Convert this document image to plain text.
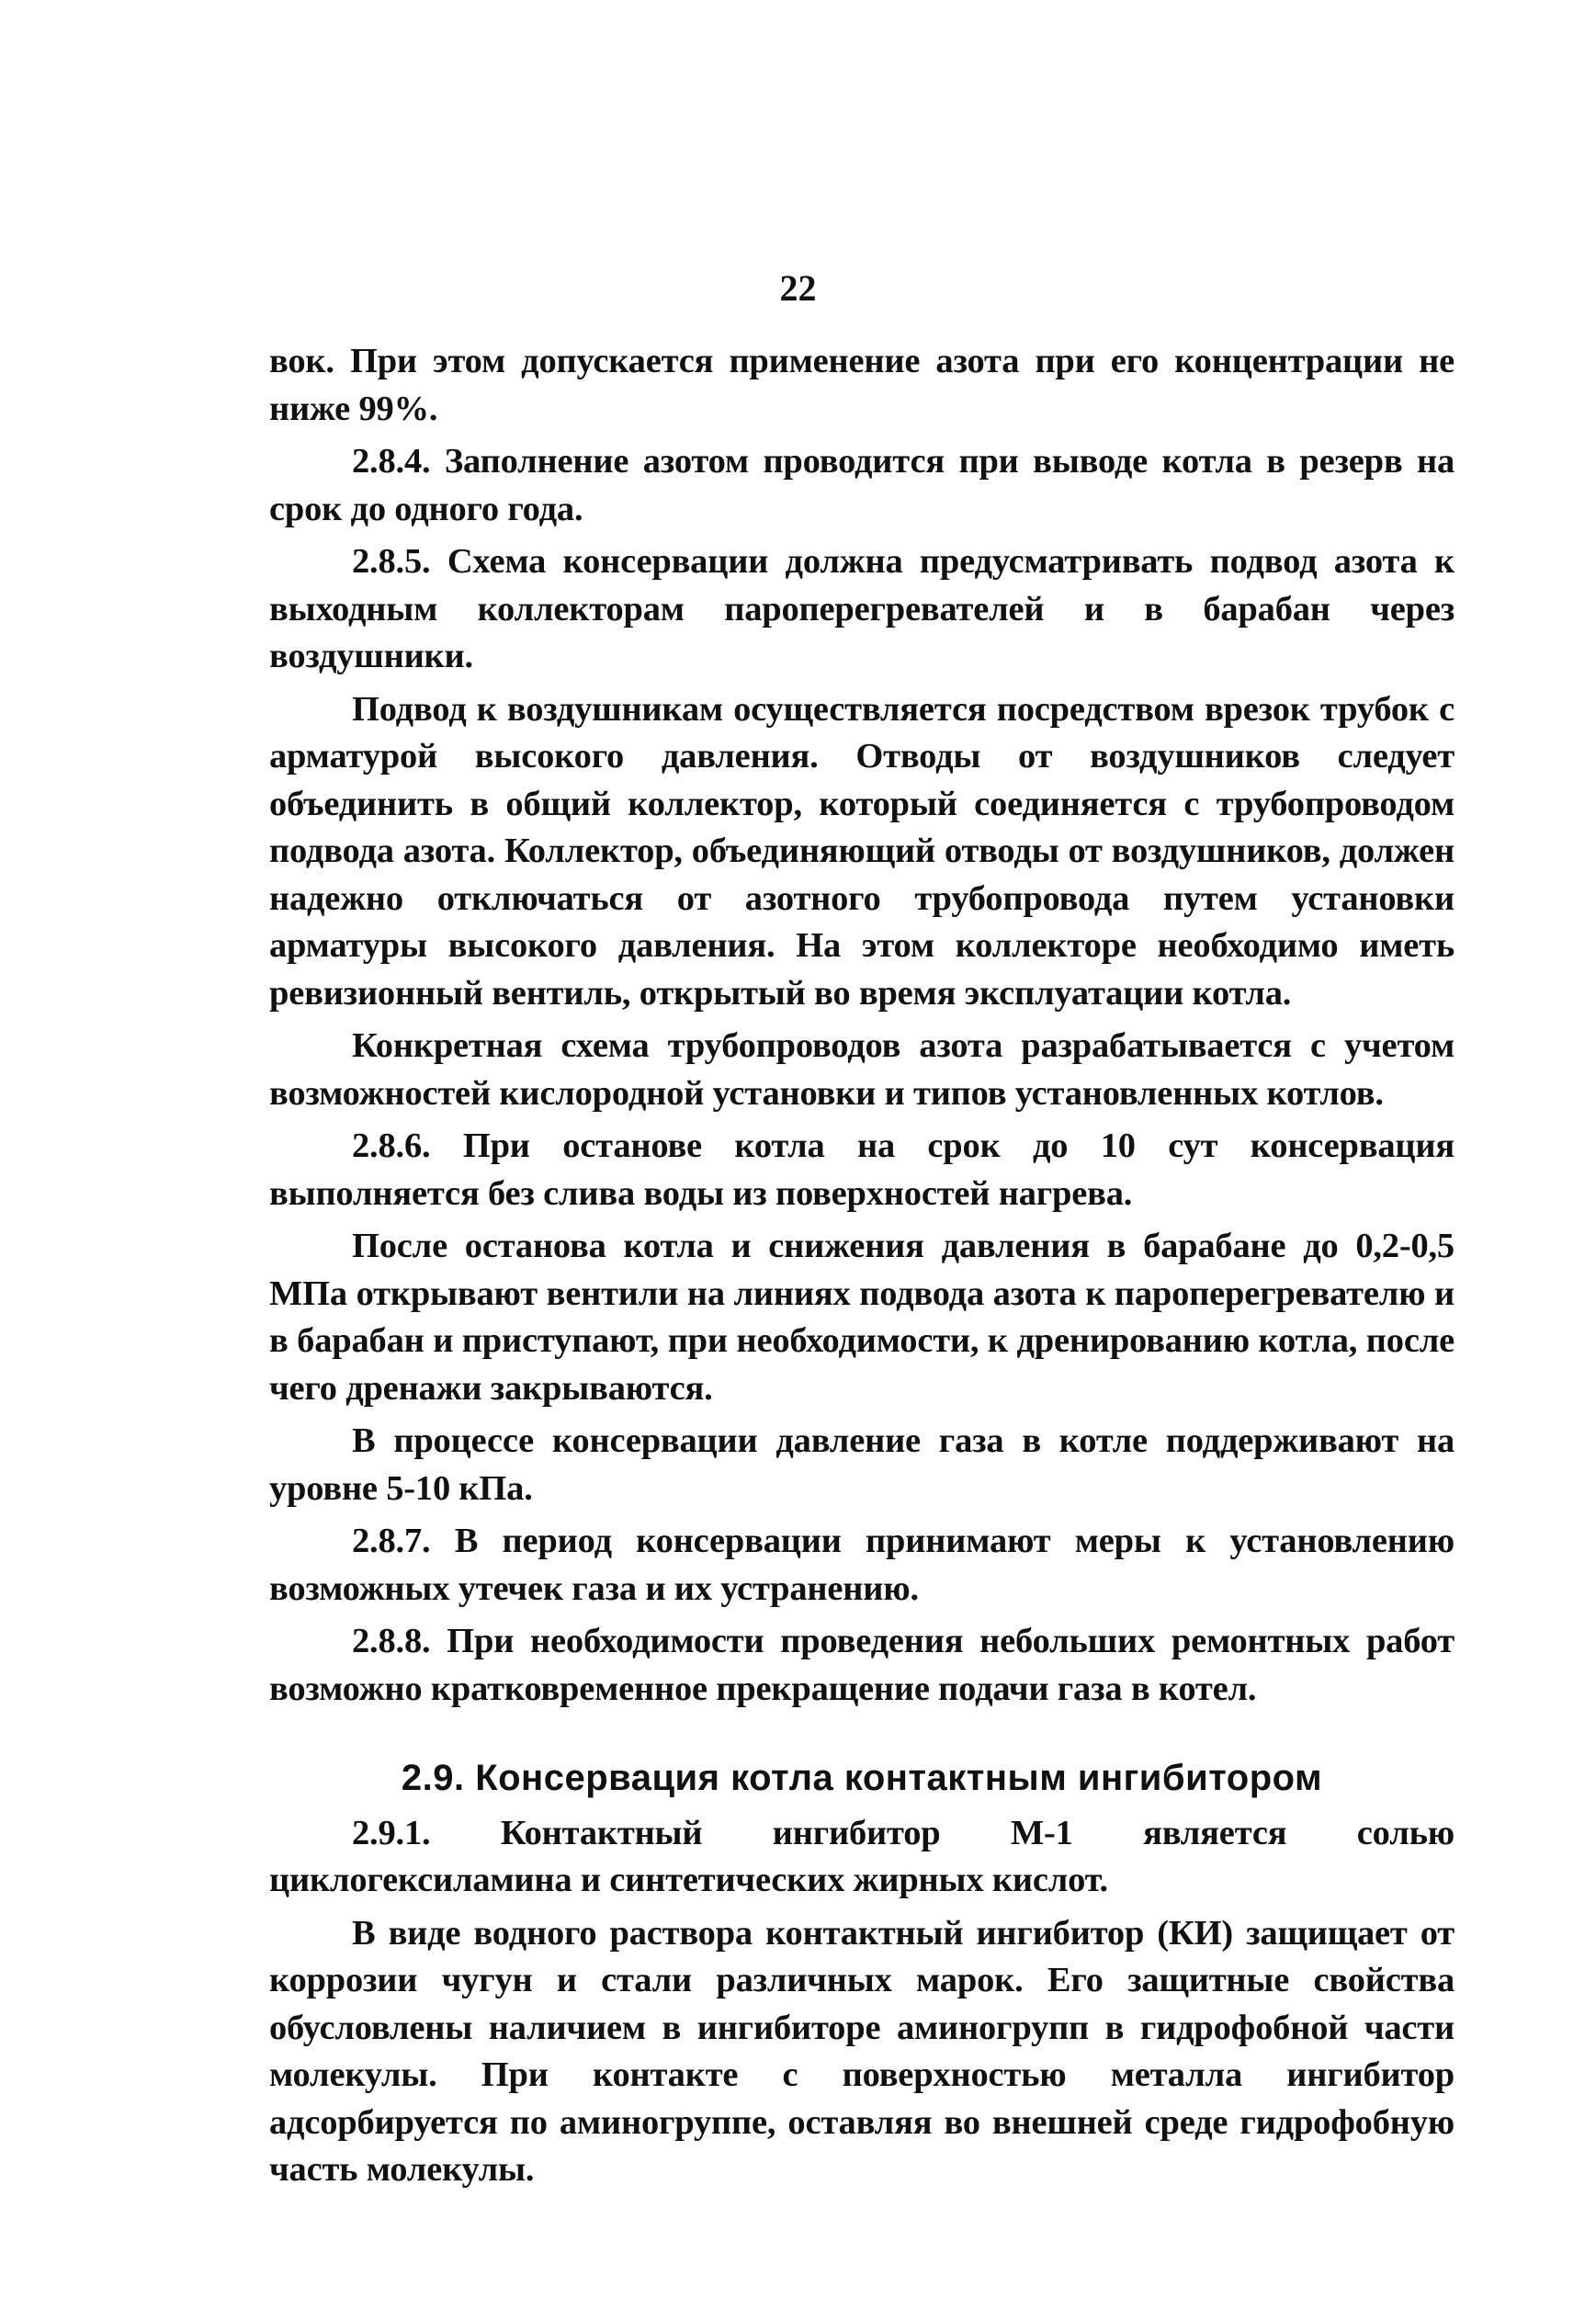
22

вок. При этом допускается применение азота при его концентрации не ниже 99%.

2.8.4. Заполнение азотом проводится при выводе котла в резерв на срок до одного года.

2.8.5. Схема консервации должна предусматривать подвод азота к выходным коллекторам пароперегревателей и в барабан через воздушники.

Подвод к воздушникам осуществляется посредством врезок трубок с арматурой высокого давления. Отводы от воздушников следует объединить в общий коллектор, который соединяется с трубопроводом подвода азота. Коллектор, объединяющий отводы от воздушников, должен надежно отключаться от азотного трубопровода путем установки арматуры высокого давления. На этом коллекторе необходимо иметь ревизионный вентиль, открытый во время эксплуатации котла.

Конкретная схема трубопроводов азота разрабатывается с учетом возможностей кислородной установки и типов установленных котлов.

2.8.6. При останове котла на срок до 10 сут консервация выполняется без слива воды из поверхностей нагрева.

После останова котла и снижения давления в барабане до 0,2-0,5 МПа открывают вентили на линиях подвода азота к пароперегревателю и в барабан и приступают, при необходимости, к дренированию котла, после чего дренажи закрываются.

В процессе консервации давление газа в котле поддерживают на уровне 5-10 кПа.

2.8.7. В период консервации принимают меры к установлению возможных утечек газа и их устранению.

2.8.8. При необходимости проведения небольших ремонтных работ возможно кратковременное прекращение подачи газа в котел.

2.9. Консервация котла контактным ингибитором

2.9.1. Контактный ингибитор М-1 является солью циклогексиламина и синтетических жирных кислот.

В виде водного раствора контактный ингибитор (КИ) защищает от коррозии чугун и стали различных марок. Его защитные свойства обусловлены наличием в ингибиторе аминогрупп в гидрофобной части молекулы. При контакте с поверхностью металла ингибитор адсорбируется по аминогруппе, оставляя во внешней среде гидрофобную часть молекулы.
